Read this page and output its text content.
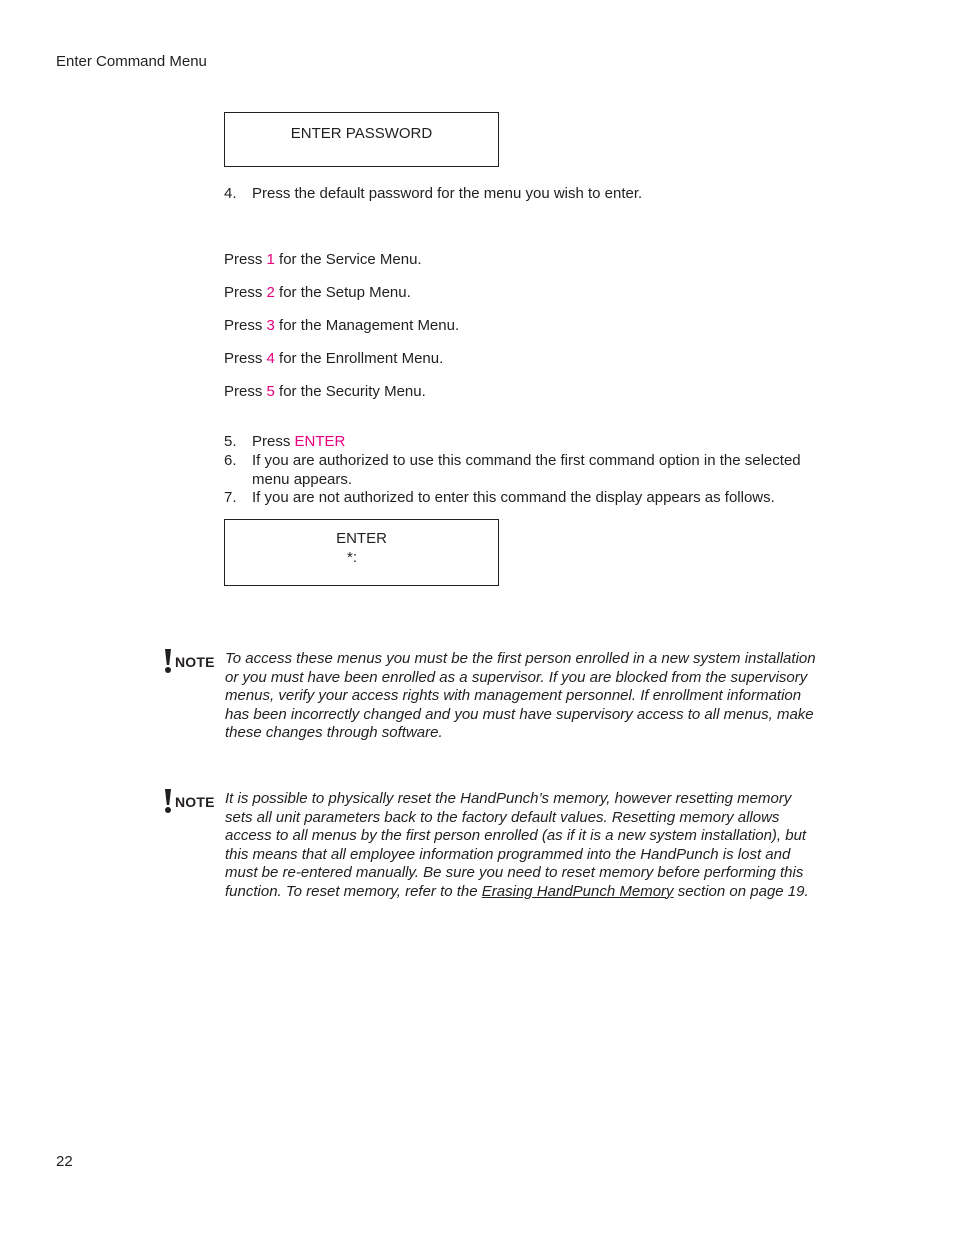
Enter Command Menu
ENTER PASSWORD
4. Press the default password for the menu you wish to enter.
Press 1 for the Service Menu.
Press 2 for the Setup Menu.
Press 3 for the Management Menu.
Press 4 for the Enrollment Menu.
Press 5 for the Security Menu.
5. Press ENTER
6. If you are authorized to use this command the first command option in the selected
menu appears.
7. If you are not authorized to enter this command the display appears as follows.
ENTER
*:
NOTE To access these menus you must be the first person enrolled in a new system installation
or you must have been enrolled as a supervisor. If you are blocked from the supervisory
menus, verify your access rights with management personnel. If enrollment information
has been incorrectly changed and you must have supervisory access to all menus, make
these changes through software.
NOTE It is possible to physically reset the HandPunch’s memory, however resetting memory
sets all unit parameters back to the factory default values. Resetting memory allows
access to all menus by the first person enrolled (as if it is a new system installation), but
this means that all employee information programmed into the HandPunch is lost and
must be re-entered manually. Be sure you need to reset memory before performing this
function. To reset memory, refer to the Erasing HandPunch Memory section on page 19.
22
